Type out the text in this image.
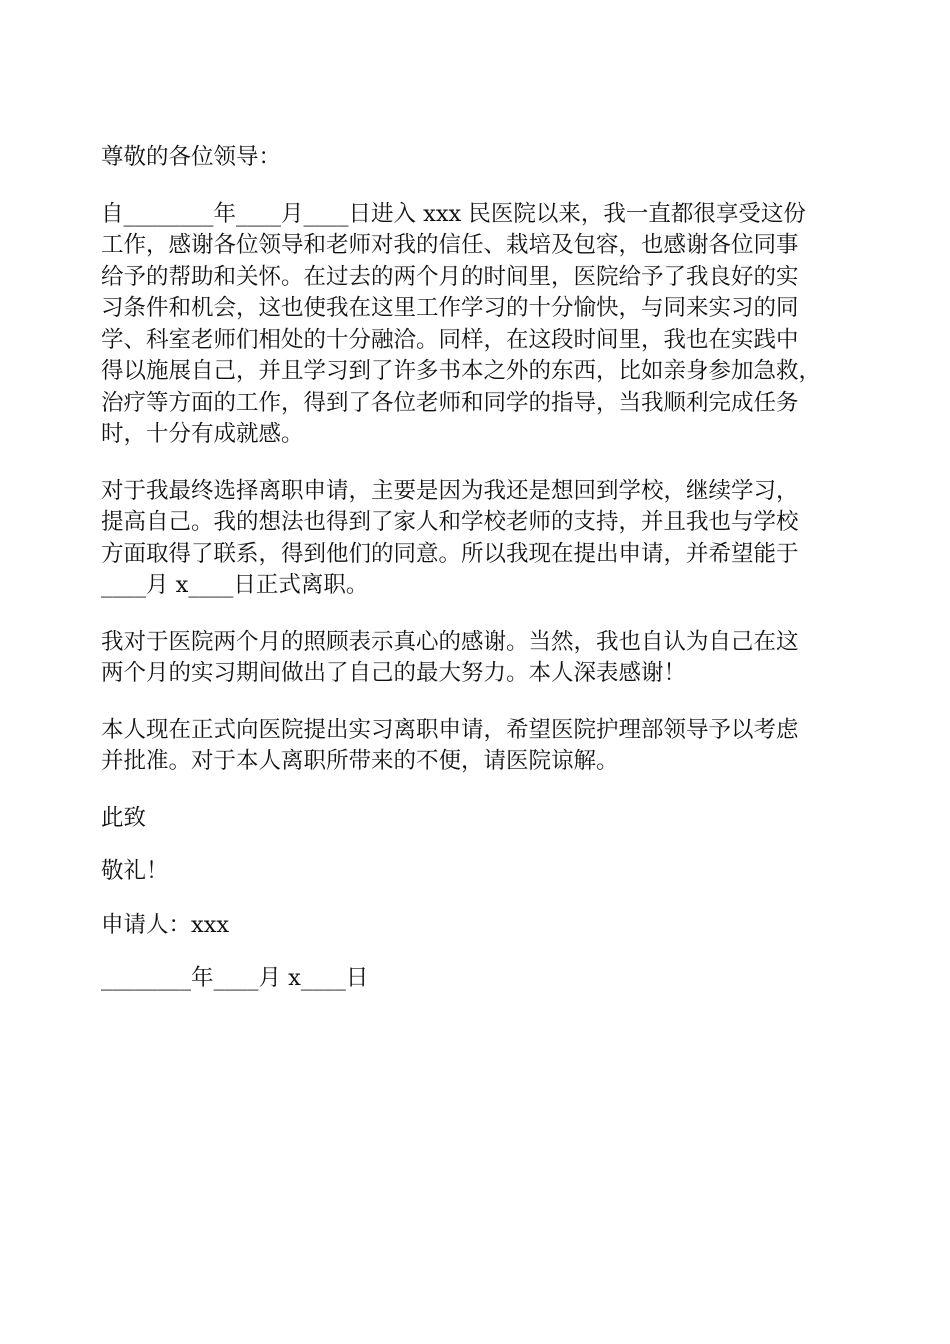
尊敬的各位领导：

自________年____月____日进入 xxx 民医院以来，我一直都很享受这份
工作，感谢各位领导和老师对我的信任、栽培及包容，也感谢各位同事
给予的帮助和关怀。在过去的两个月的时间里，医院给予了我良好的实
习条件和机会，这也使我在这里工作学习的十分愉快，与同来实习的同
学、科室老师们相处的十分融洽。同样，在这段时间里，我也在实践中
得以施展自己，并且学习到了许多书本之外的东西，比如亲身参加急救，
治疗等方面的工作，得到了各位老师和同学的指导，当我顺利完成任务
时，十分有成就感。

对于我最终选择离职申请，主要是因为我还是想回到学校，继续学习，
提高自己。我的想法也得到了家人和学校老师的支持，并且我也与学校
方面取得了联系，得到他们的同意。所以我现在提出申请，并希望能于
____月 x____日正式离职。

我对于医院两个月的照顾表示真心的感谢。当然，我也自认为自己在这
两个月的实习期间做出了自己的最大努力。本人深表感谢！

本人现在正式向医院提出实习离职申请，希望医院护理部领导予以考虑
并批准。对于本人离职所带来的不便，请医院谅解。

此致

敬礼！

申请人：xxx

________年____月 x____日
